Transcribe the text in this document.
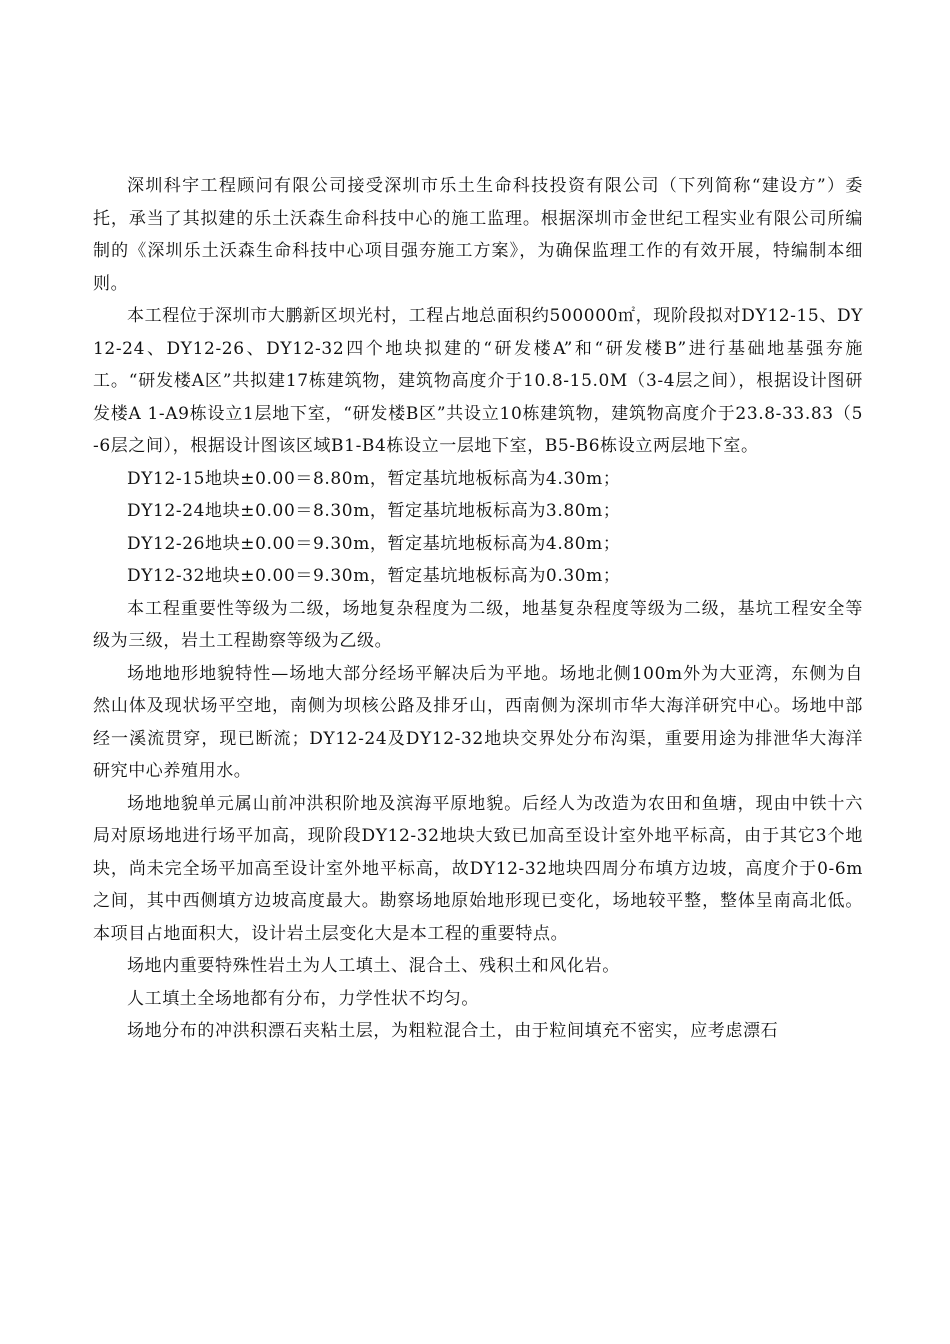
深圳科宇工程顾问有限公司接受深圳市乐土生命科技投资有限公司（下列简称“建设方”）委托，承当了其拟建的乐土沃森生命科技中心的施工监理。根据深圳市金世纪工程实业有限公司所编制的《深圳乐土沃森生命科技中心项目强夯施工方案》，为确保监理工作的有效开展，特编制本细则。

本工程位于深圳市大鹏新区坝光村，工程占地总面积约500000㎡，现阶段拟对DY12-15、DY12-24、DY12-26、DY12-32四个地块拟建的“研发楼A”和“研发楼B”进行基础地基强夯施工。“研发楼A区”共拟建17栋建筑物，建筑物高度介于10.8-15.0M（3-4层之间），根据设计图研发楼A 1-A9栋设立1层地下室，“研发楼B区”共设立10栋建筑物，建筑物高度介于23.8-33.83（5-6层之间），根据设计图该区域B1-B4栋设立一层地下室，B5-B6栋设立两层地下室。

DY12-15地块±0.00＝8.80m，暂定基坑地板标高为4.30m；

DY12-24地块±0.00＝8.30m，暂定基坑地板标高为3.80m；

DY12-26地块±0.00＝9.30m，暂定基坑地板标高为4.80m；

DY12-32地块±0.00＝9.30m，暂定基坑地板标高为0.30m；

本工程重要性等级为二级，场地复杂程度为二级，地基复杂程度等级为二级，基坑工程安全等级为三级，岩土工程勘察等级为乙级。

场地地形地貌特性—场地大部分经场平解决后为平地。场地北侧100m外为大亚湾，东侧为自然山体及现状场平空地，南侧为坝核公路及排牙山，西南侧为深圳市华大海洋研究中心。场地中部经一溪流贯穿，现已断流；DY12-24及DY12-32地块交界处分布沟渠，重要用途为排泄华大海洋研究中心养殖用水。

场地地貌单元属山前冲洪积阶地及滨海平原地貌。后经人为改造为农田和鱼塘，现由中铁十六局对原场地进行场平加高，现阶段DY12-32地块大致已加高至设计室外地平标高，由于其它3个地块，尚未完全场平加高至设计室外地平标高，故DY12-32地块四周分布填方边坡，高度介于0-6m之间，其中西侧填方边坡高度最大。勘察场地原始地形现已变化，场地较平整，整体呈南高北低。本项目占地面积大，设计岩土层变化大是本工程的重要特点。

场地内重要特殊性岩土为人工填土、混合土、残积土和风化岩。

人工填土全场地都有分布，力学性状不均匀。

场地分布的冲洪积漂石夹粘土层，为粗粒混合土，由于粒间填充不密实，应考虑漂石
